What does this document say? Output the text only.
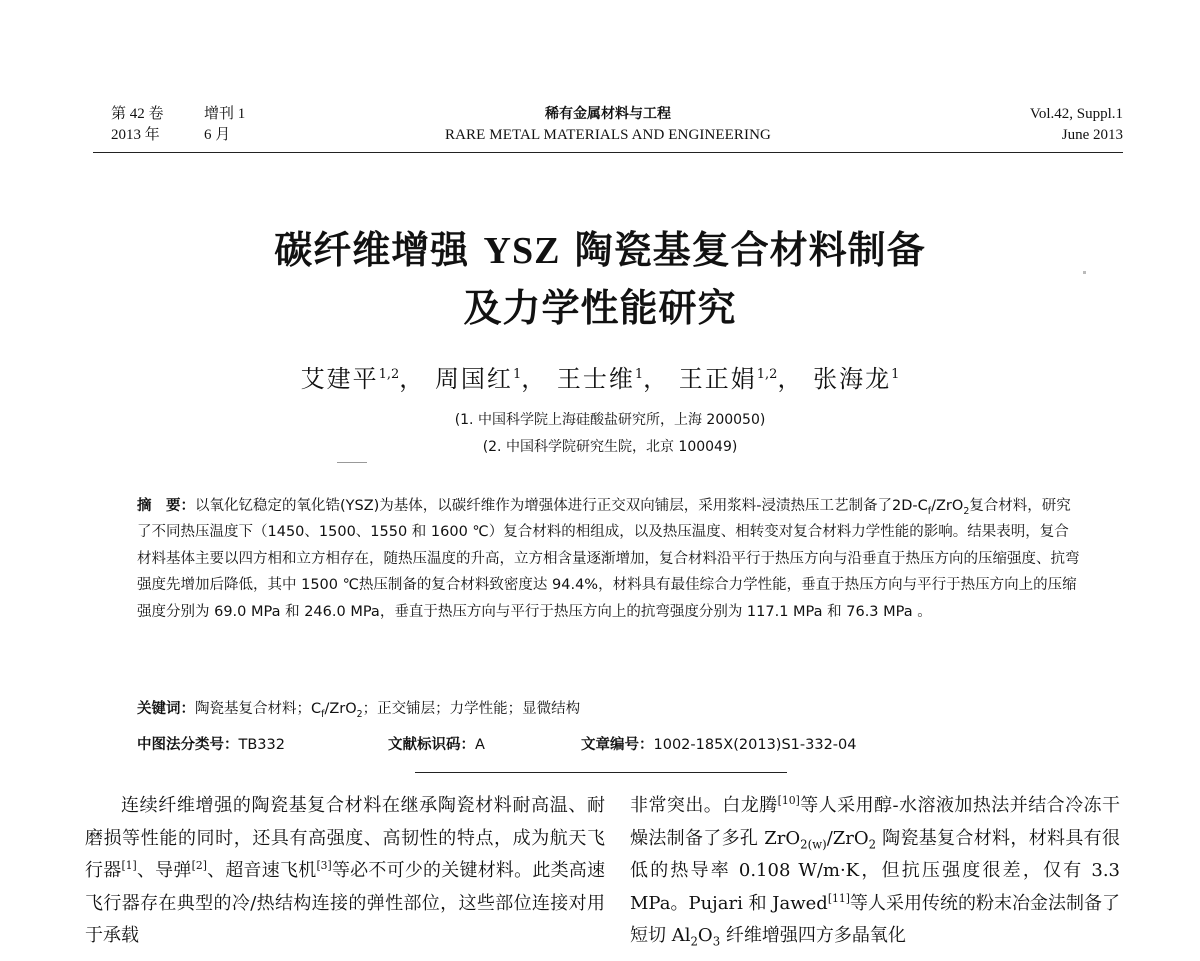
第 42 卷	增刊 1
2013 年	6 月
稀有金属材料与工程
RARE METAL MATERIALS AND ENGINEERING
Vol.42, Suppl.1
June 2013
碳纤维增强 YSZ 陶瓷基复合材料制备
及力学性能研究
艾建平$^{1,2}$， 周国红$^1$， 王士维$^1$， 王正娟$^{1,2}$， 张海龙$^1$
(1. 中国科学院上海硅酸盐研究所，上海 200050)
(2. 中国科学院研究生院，北京 100049)
摘　要：以氧化钇稳定的氧化锆(YSZ)为基体，以碳纤维作为增强体进行正交双向铺层，采用浆料-浸渍热压工艺制备了$2D-C_f/ZrO_2$复合材料，研究了不同热压温度下（1450、1500、1550 和 1600 ℃）复合材料的相组成，以及热压温度、相转变对复合材料力学性能的影响。结果表明，复合材料基体主要以四方相和立方相存在，随热压温度的升高，立方相含量逐渐增加，复合材料沿平行于热压方向与沿垂直于热压方向的压缩强度、抗弯强度先增加后降低，其中 1500 ℃热压制备的复合材料致密度达 94.4%，材料具有最佳综合力学性能，垂直于热压方向与平行于热压方向上的压缩强度分别为 69.0 MPa 和 246.0 MPa，垂直于热压方向与平行于热压方向上的抗弯强度分别为 117.1 MPa 和 76.3 MPa 。
关键词：陶瓷基复合材料；$C_f/ZrO_2$；正交铺层；力学性能；显微结构
中图法分类号：TB332	文献标识码：A	文章编号：1002-185X(2013)S1-332-04

连续纤维增强的陶瓷基复合材料在继承陶瓷材料耐高温、耐磨损等性能的同时，还具有高强度、高韧性的特点，成为航天飞行器[1]、导弹[2]、超音速飞机[3]等必不可少的关键材料。此类高速飞行器存在典型的冷/热结构连接的弹性部位，这些部位连接对用于承载

非常突出。白龙腾[10]等人采用醇-水溶液加热法并结合冷冻干燥法制备了多孔 ZrO$_{2(w)}$/ZrO$_2$ 陶瓷基复合材料，材料具有很低的热导率 0.108 W/m·K，但抗压强度很差，仅有 3.3 MPa。Pujari 和 Jawed[11]等人采用传统的粉末冶金法制备了短切 $Al_2O_3$ 纤维增强四方多晶氧化
